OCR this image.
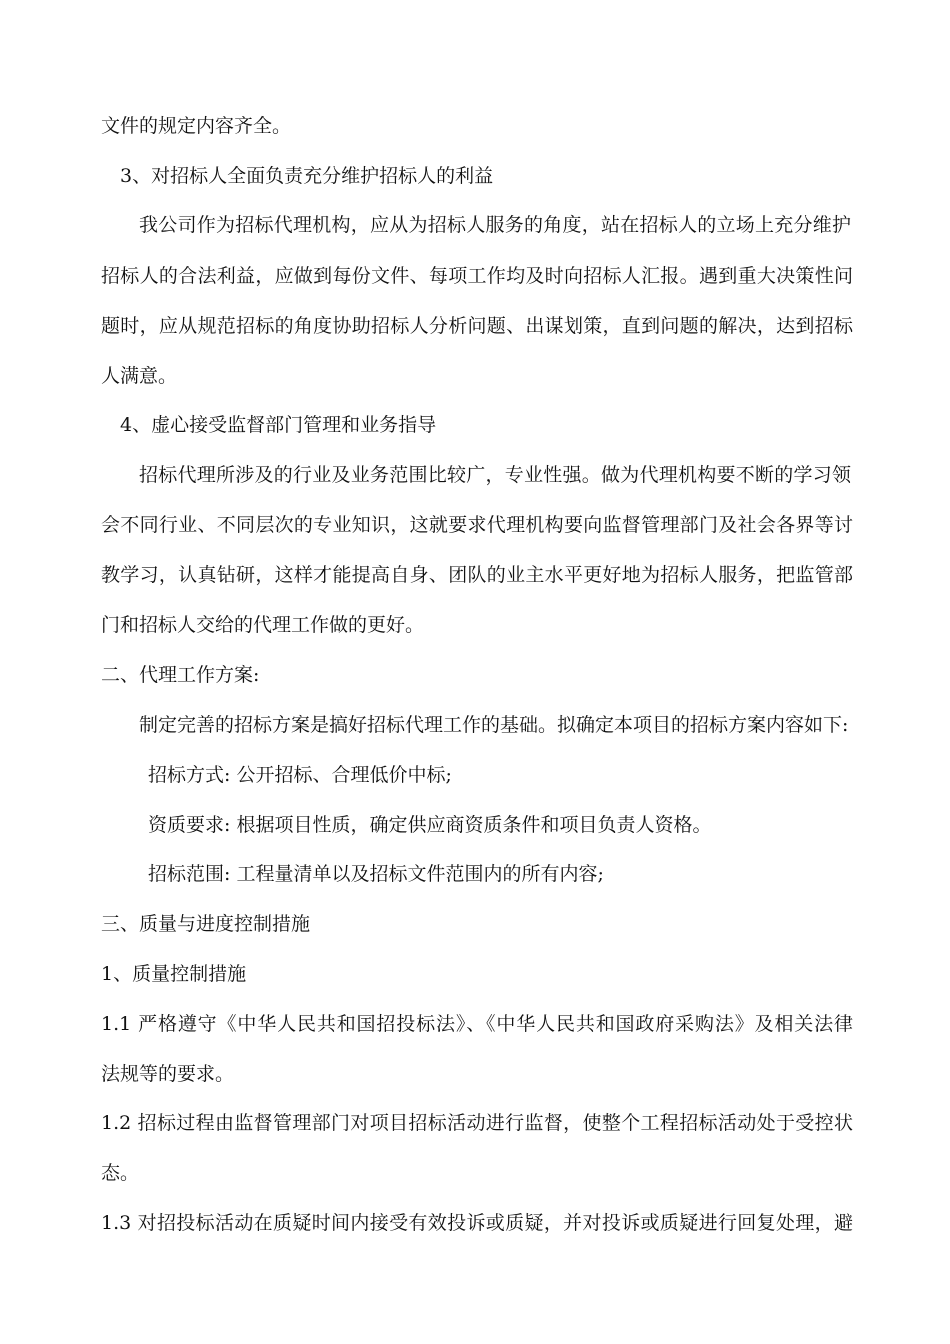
文件的规定内容齐全。
3、对招标人全面负责充分维护招标人的利益
我公司作为招标代理机构，应从为招标人服务的角度，站在招标人的立场上充分维护
招标人的合法利益，应做到每份文件、每项工作均及时向招标人汇报。遇到重大决策性问
题时，应从规范招标的角度协助招标人分析问题、出谋划策，直到问题的解决，达到招标
人满意。
4、虚心接受监督部门管理和业务指导
招标代理所涉及的行业及业务范围比较广，专业性强。做为代理机构要不断的学习领
会不同行业、不同层次的专业知识，这就要求代理机构要向监督管理部门及社会各界等讨
教学习，认真钻研，这样才能提高自身、团队的业主水平更好地为招标人服务，把监管部
门和招标人交给的代理工作做的更好。
二、代理工作方案:
制定完善的招标方案是搞好招标代理工作的基础。拟确定本项目的招标方案内容如下:
招标方式: 公开招标、合理低价中标;
资质要求: 根据项目性质，确定供应商资质条件和项目负责人资格。
招标范围: 工程量清单以及招标文件范围内的所有内容;
三、质量与进度控制措施
1、质量控制措施
1.1 严格遵守《中华人民共和国招投标法》、《中华人民共和国政府采购法》及相关法律
法规等的要求。
1.2 招标过程由监督管理部门对项目招标活动进行监督，使整个工程招标活动处于受控状
态。
1.3 对招投标活动在质疑时间内接受有效投诉或质疑，并对投诉或质疑进行回复处理，避
